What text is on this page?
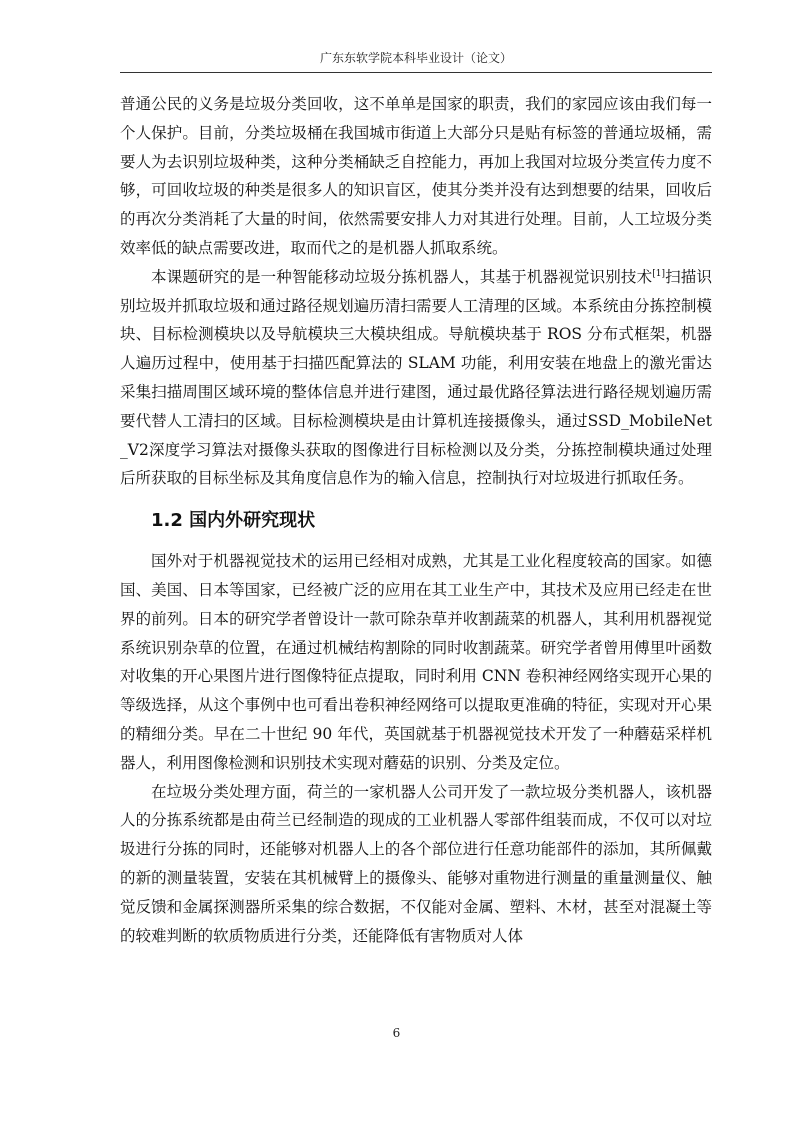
广东东软学院本科毕业设计（论文）

普通公民的义务是垃圾分类回收，这不单单是国家的职责，我们的家园应该由我们每一个人保护。目前，分类垃圾桶在我国城市街道上大部分只是贴有标签的普通垃圾桶，需要人为去识别垃圾种类，这种分类桶缺乏自控能力，再加上我国对垃圾分类宣传力度不够，可回收垃圾的种类是很多人的知识盲区，使其分类并没有达到想要的结果，回收后的再次分类消耗了大量的时间，依然需要安排人力对其进行处理。目前，人工垃圾分类效率低的缺点需要改进，取而代之的是机器人抓取系统。

本课题研究的是一种智能移动垃圾分拣机器人，其基于机器视觉识别技术[1]扫描识别垃圾并抓取垃圾和通过路径规划遍历清扫需要人工清理的区域。本系统由分拣控制模块、目标检测模块以及导航模块三大模块组成。导航模块基于 ROS 分布式框架，机器人遍历过程中，使用基于扫描匹配算法的 SLAM 功能，利用安装在地盘上的激光雷达采集扫描周围区域环境的整体信息并进行建图，通过最优路径算法进行路径规划遍历需要代替人工清扫的区域。目标检测模块是由计算机连接摄像头，通过SSD_MobileNet_V2深度学习算法对摄像头获取的图像进行目标检测以及分类，分拣控制模块通过处理后所获取的目标坐标及其角度信息作为的输入信息，控制执行对垃圾进行抓取任务。

1.2 国内外研究现状

国外对于机器视觉技术的运用已经相对成熟，尤其是工业化程度较高的国家。如德国、美国、日本等国家，已经被广泛的应用在其工业生产中，其技术及应用已经走在世界的前列。日本的研究学者曾设计一款可除杂草并收割蔬菜的机器人，其利用机器视觉系统识别杂草的位置，在通过机械结构割除的同时收割蔬菜。研究学者曾用傅里叶函数对收集的开心果图片进行图像特征点提取，同时利用 CNN 卷积神经网络实现开心果的等级选择，从这个事例中也可看出卷积神经网络可以提取更准确的特征，实现对开心果的精细分类。早在二十世纪 90 年代，英国就基于机器视觉技术开发了一种蘑菇采样机器人，利用图像检测和识别技术实现对蘑菇的识别、分类及定位。

在垃圾分类处理方面，荷兰的一家机器人公司开发了一款垃圾分类机器人，该机器人的分拣系统都是由荷兰已经制造的现成的工业机器人零部件组装而成，不仅可以对垃圾进行分拣的同时，还能够对机器人上的各个部位进行任意功能部件的添加，其所佩戴的新的测量装置，安装在其机械臂上的摄像头、能够对重物进行测量的重量测量仪、触觉反馈和金属探测器所采集的综合数据，不仅能对金属、塑料、木材，甚至对混凝土等的较难判断的软质物质进行分类，还能降低有害物质对人体

6
